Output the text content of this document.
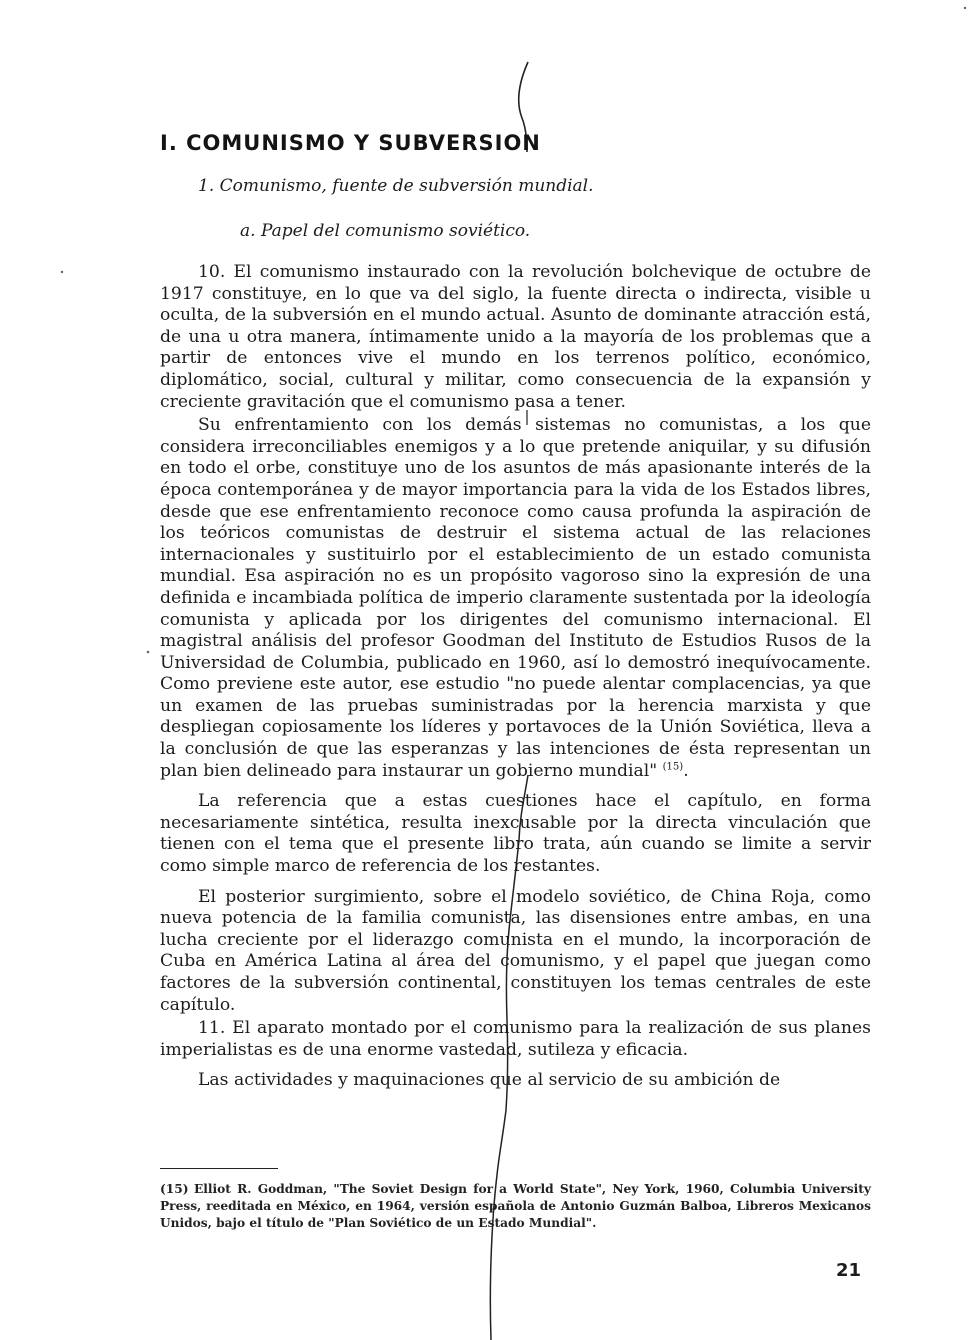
I. COMUNISMO Y SUBVERSION

1. Comunismo, fuente de subversión mundial.

a. Papel del comunismo soviético.

10. El comunismo instaurado con la revolución bolchevique de octubre de 1917 constituye, en lo que va del siglo, la fuente directa o indirecta, visible u oculta, de la subversión en el mundo actual. Asunto de dominante atracción está, de una u otra manera, íntimamente unido a la mayoría de los problemas que a partir de entonces vive el mundo en los terrenos político, económico, diplomático, social, cultural y militar, como consecuencia de la expansión y creciente gravitación que el comunismo pasa a tener.

Su enfrentamiento con los demás sistemas no comunistas, a los que considera irreconciliables enemigos y a lo que pretende aniquilar, y su difusión en todo el orbe, constituye uno de los asuntos de más apasionante interés de la época contemporánea y de mayor importancia para la vida de los Estados libres, desde que ese enfrentamiento reconoce como causa profunda la aspiración de los teóricos comunistas de destruir el sistema actual de las relaciones internacionales y sustituirlo por el establecimiento de un estado comunista mundial. Esa aspiración no es un propósito vagoroso sino la expresión de una definida e incambiada política de imperio claramente sustentada por la ideología comunista y aplicada por los dirigentes del comunismo internacional. El magistral análisis del profesor Goodman del Instituto de Estudios Rusos de la Universidad de Columbia, publicado en 1960, así lo demostró inequívocamente. Como previene este autor, ese estudio "no puede alentar complacencias, ya que un examen de las pruebas suministradas por la herencia marxista y que despliegan copiosamente los líderes y portavoces de la Unión Soviética, lleva a la conclusión de que las esperanzas y las intenciones de ésta representan un plan bien delineado para instaurar un gobierno mundial" $^{(15)}$.

La referencia que a estas cuestiones hace el capítulo, en forma necesariamente sintética, resulta inexcusable por la directa vinculación que tienen con el tema que el presente libro trata, aún cuando se limite a servir como simple marco de referencia de los restantes.

El posterior surgimiento, sobre el modelo soviético, de China Roja, como nueva potencia de la familia comunista, las disensiones entre ambas, en una lucha creciente por el liderazgo comunista en el mundo, la incorporación de Cuba en América Latina al área del comunismo, y el papel que juegan como factores de la subversión continental, constituyen los temas centrales de este capítulo.

11. El aparato montado por el comunismo para la realización de sus planes imperialistas es de una enorme vastedad, sutileza y eficacia.

Las actividades y maquinaciones que al servicio de su ambición de

(15) Elliot R. Goddman, "The Soviet Design for a World State", Ney York, 1960, Columbia University Press, reeditada en México, en 1964, versión española de Antonio Guzmán Balboa, Libreros Mexicanos Unidos, bajo el título de "Plan Soviético de un Estado Mundial".

21
